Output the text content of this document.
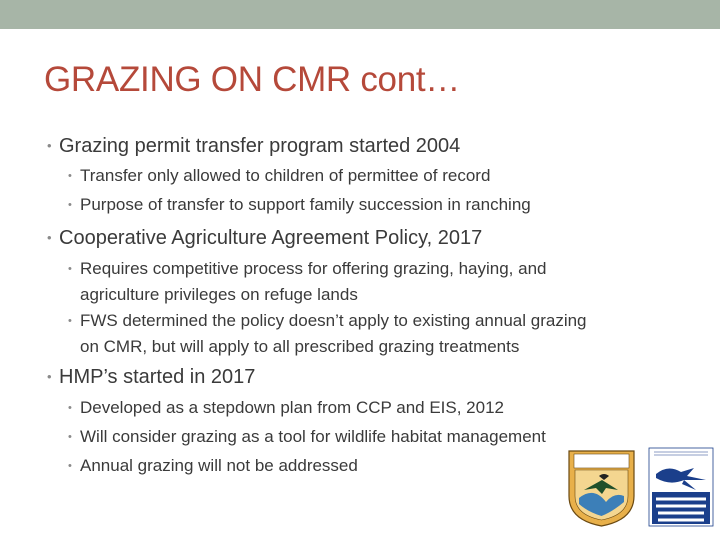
GRAZING ON CMR cont…
• Grazing permit transfer program started 2004
• Transfer only allowed to children of permittee of record
• Purpose of transfer to support family succession in ranching
• Cooperative Agriculture Agreement Policy, 2017
• Requires competitive process for offering grazing, haying, and
agriculture privileges on refuge lands
• FWS determined the policy doesn’t apply to existing annual grazing
on CMR, but will apply to all prescribed grazing treatments
• HMP’s started in 2017
• Developed as a stepdown plan from CCP and EIS, 2012
• Will consider grazing as a tool for wildlife habitat management
• Annual grazing will not be addressed
